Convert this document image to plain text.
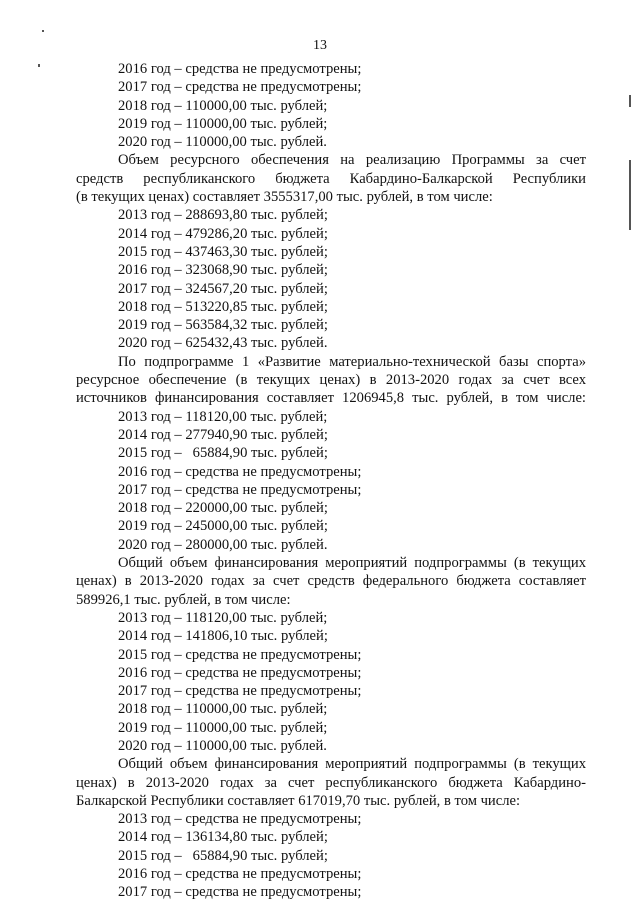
13
2016 год – средства не предусмотрены;
2017 год – средства не предусмотрены;
2018 год – 110000,00 тыс. рублей;
2019 год – 110000,00 тыс. рублей;
2020 год – 110000,00 тыс. рублей.
Объем ресурсного обеспечения на реализацию Программы за счет
средств республиканского бюджета Кабардино-Балкарской Республики
(в текущих ценах) составляет 3555317,00 тыс. рублей, в том числе:
2013 год – 288693,80 тыс. рублей;
2014 год – 479286,20 тыс. рублей;
2015 год – 437463,30 тыс. рублей;
2016 год – 323068,90 тыс. рублей;
2017 год – 324567,20 тыс. рублей;
2018 год – 513220,85 тыс. рублей;
2019 год – 563584,32 тыс. рублей;
2020 год – 625432,43 тыс. рублей.
По подпрограмме 1 «Развитие материально-технической базы спорта»
ресурсное обеспечение (в текущих ценах) в 2013-2020 годах за счет всех
источников финансирования составляет 1206945,8 тыс. рублей, в том числе:
2013 год – 118120,00 тыс. рублей;
2014 год – 277940,90 тыс. рублей;
2015 год –   65884,90 тыс. рублей;
2016 год – средства не предусмотрены;
2017 год – средства не предусмотрены;
2018 год – 220000,00 тыс. рублей;
2019 год – 245000,00 тыс. рублей;
2020 год – 280000,00 тыс. рублей.
Общий объем финансирования мероприятий подпрограммы (в текущих
ценах) в 2013-2020 годах за счет средств федерального бюджета составляет
589926,1 тыс. рублей, в том числе:
2013 год – 118120,00 тыс. рублей;
2014 год – 141806,10 тыс. рублей;
2015 год – средства не предусмотрены;
2016 год – средства не предусмотрены;
2017 год – средства не предусмотрены;
2018 год – 110000,00 тыс. рублей;
2019 год – 110000,00 тыс. рублей;
2020 год – 110000,00 тыс. рублей.
Общий объем финансирования мероприятий подпрограммы (в текущих
ценах) в 2013-2020 годах за счет республиканского бюджета Кабардино-
Балкарской Республики составляет 617019,70 тыс. рублей, в том числе:
2013 год – средства не предусмотрены;
2014 год – 136134,80 тыс. рублей;
2015 год –   65884,90 тыс. рублей;
2016 год – средства не предусмотрены;
2017 год – средства не предусмотрены;
